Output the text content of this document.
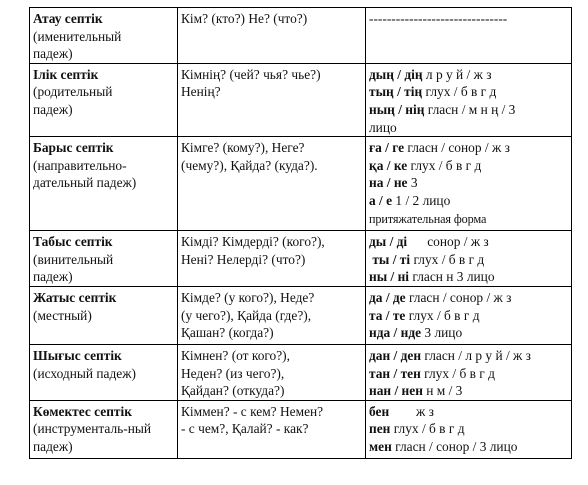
Атау септік
(именительный
падеж)	Кім? (кто?) Не? (что?)	-------------------------------

Ілік септік
(родительный
падеж)	Кімнің? (чей? чья? чье?)
Ненің?	дың / дің л р у й / ж з
тың / тің глух / б в г д
ның / нің гласн / м н ң / 3
лицо

Барыс септік
(направительно-
дательный падеж)	Кімге? (кому?), Неге?
(чему?), Қайда? (куда?).	ға / ге гласн / сонор / ж з
қа / ке глух / б в г д
на / не 3
а / е 1 / 2 лицо
притяжательная форма

Табыс септік
(винительный
падеж)	Кімді? Кімдерді? (кого?),
Нені? Нелерді? (что?)	ды / ді      сонор / ж з
ты / ті глух / б в г д
ны / ні гласн н 3 лицо

Жатыс септік
(местный)	Кімде? (у кого?), Неде?
(у чего?), Қайда (где?),
Қашан? (когда?)	да / де гласн / сонор / ж з
та / те глух / б в г д
нда / нде 3 лицо

Шығыс септік
(исходный падеж)	Кімнен? (от кого?),
Неден? (из чего?),
Қайдан? (откуда?)	дан / ден гласн / л р у й / ж з
тан / тен глух / б в г д
нан / нен н м / 3

Көмектес септік
(инструменталь-ный
падеж)	Кіммен? - с кем? Немен?
- с чем?, Қалай? - как?	бен        ж з
пен глух / б в г д
мен гласн / сонор / 3 лицо
